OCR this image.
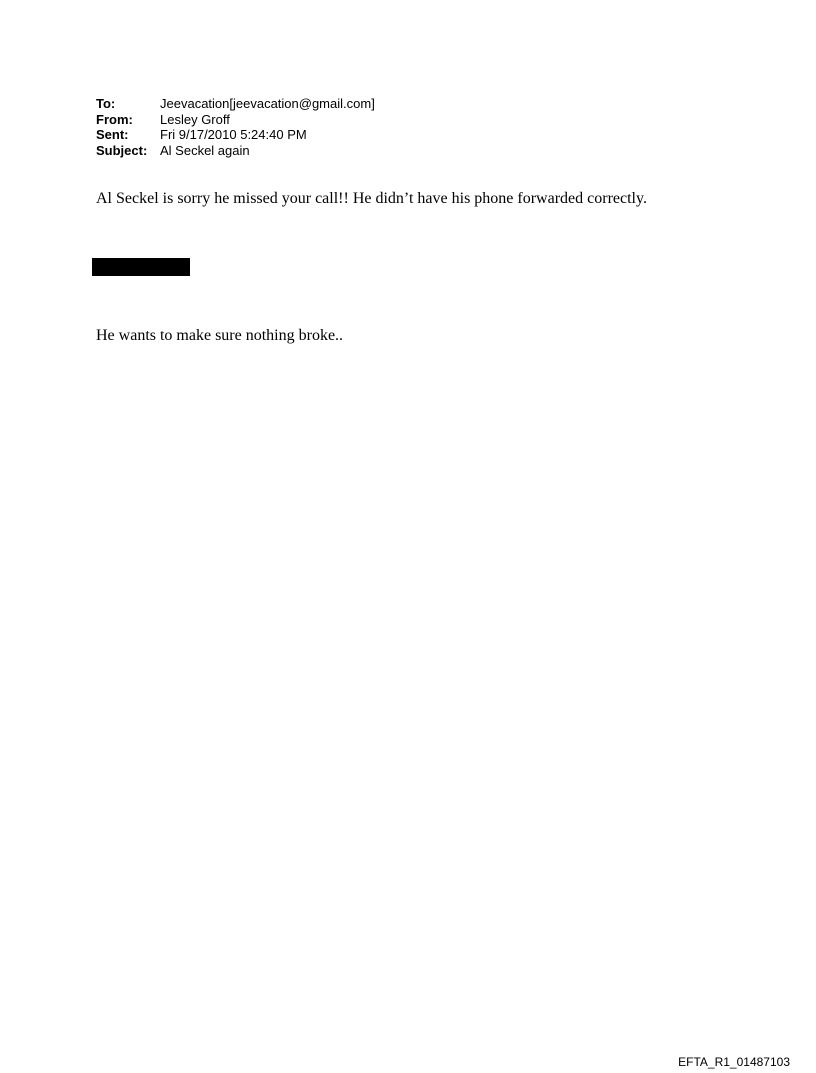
To:	Jeevacation[jeevacation@gmail.com]
From:	Lesley Groff
Sent:	Fri 9/17/2010 5:24:40 PM
Subject: Al Seckel again
Al Seckel is sorry he missed your call!! He didn’t have his phone forwarded correctly.
He wants to make sure nothing broke..
EFTA_R1_01487103
